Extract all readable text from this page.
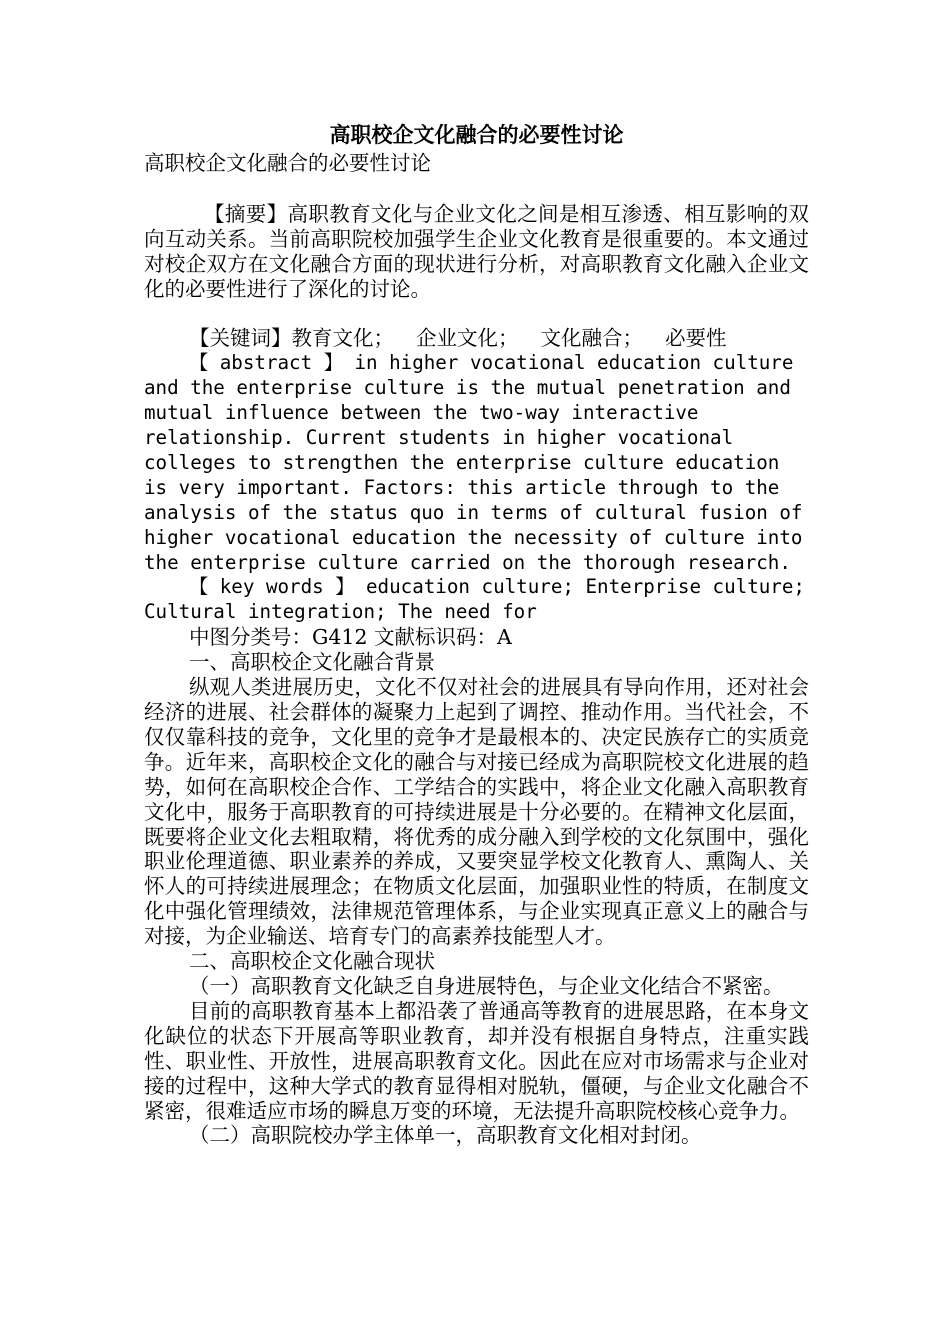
高职校企文化融合的必要性讨论

高职校企文化融合的必要性讨论

【摘要】高职教育文化与企业文化之间是相互渗透、相互影响的双向互动关系。当前高职院校加强学生企业文化教育是很重要的。本文通过对校企双方在文化融合方面的现状进行分析，对高职教育文化融入企业文化的必要性进行了深化的讨论。

【关键词】教育文化； 企业文化； 文化融合； 必要性

【 abstract 】 in higher vocational education culture and the enterprise culture is the mutual penetration and mutual influence between the two-way interactive relationship. Current students in higher vocational colleges to strengthen the enterprise culture education is very important. Factors: this article through to the analysis of the status quo in terms of cultural fusion of higher vocational education the necessity of culture into the enterprise culture carried on the thorough research.

【 key words 】 education culture; Enterprise culture; Cultural integration; The need for

中图分类号：G412 文献标识码：A

一、高职校企文化融合背景

纵观人类进展历史，文化不仅对社会的进展具有导向作用，还对社会经济的进展、社会群体的凝聚力上起到了调控、推动作用。当代社会，不仅仅靠科技的竞争，文化里的竞争才是最根本的、决定民族存亡的实质竞争。近年来，高职校企文化的融合与对接已经成为高职院校文化进展的趋势，如何在高职校企合作、工学结合的实践中，将企业文化融入高职教育文化中，服务于高职教育的可持续进展是十分必要的。在精神文化层面，既要将企业文化去粗取精，将优秀的成分融入到学校的文化氛围中，强化职业伦理道德、职业素养的养成，又要突显学校文化教育人、熏陶人、关怀人的可持续进展理念；在物质文化层面，加强职业性的特质，在制度文化中强化管理绩效，法律规范管理体系，与企业实现真正意义上的融合与对接，为企业输送、培育专门的高素养技能型人才。

二、高职校企文化融合现状

（一）高职教育文化缺乏自身进展特色，与企业文化结合不紧密。

目前的高职教育基本上都沿袭了普通高等教育的进展思路，在本身文化缺位的状态下开展高等职业教育，却并没有根据自身特点，注重实践性、职业性、开放性，进展高职教育文化。因此在应对市场需求与企业对接的过程中，这种大学式的教育显得相对脱轨，僵硬，与企业文化融合不紧密，很难适应市场的瞬息万变的环境，无法提升高职院校核心竞争力。

（二）高职院校办学主体单一，高职教育文化相对封闭。
